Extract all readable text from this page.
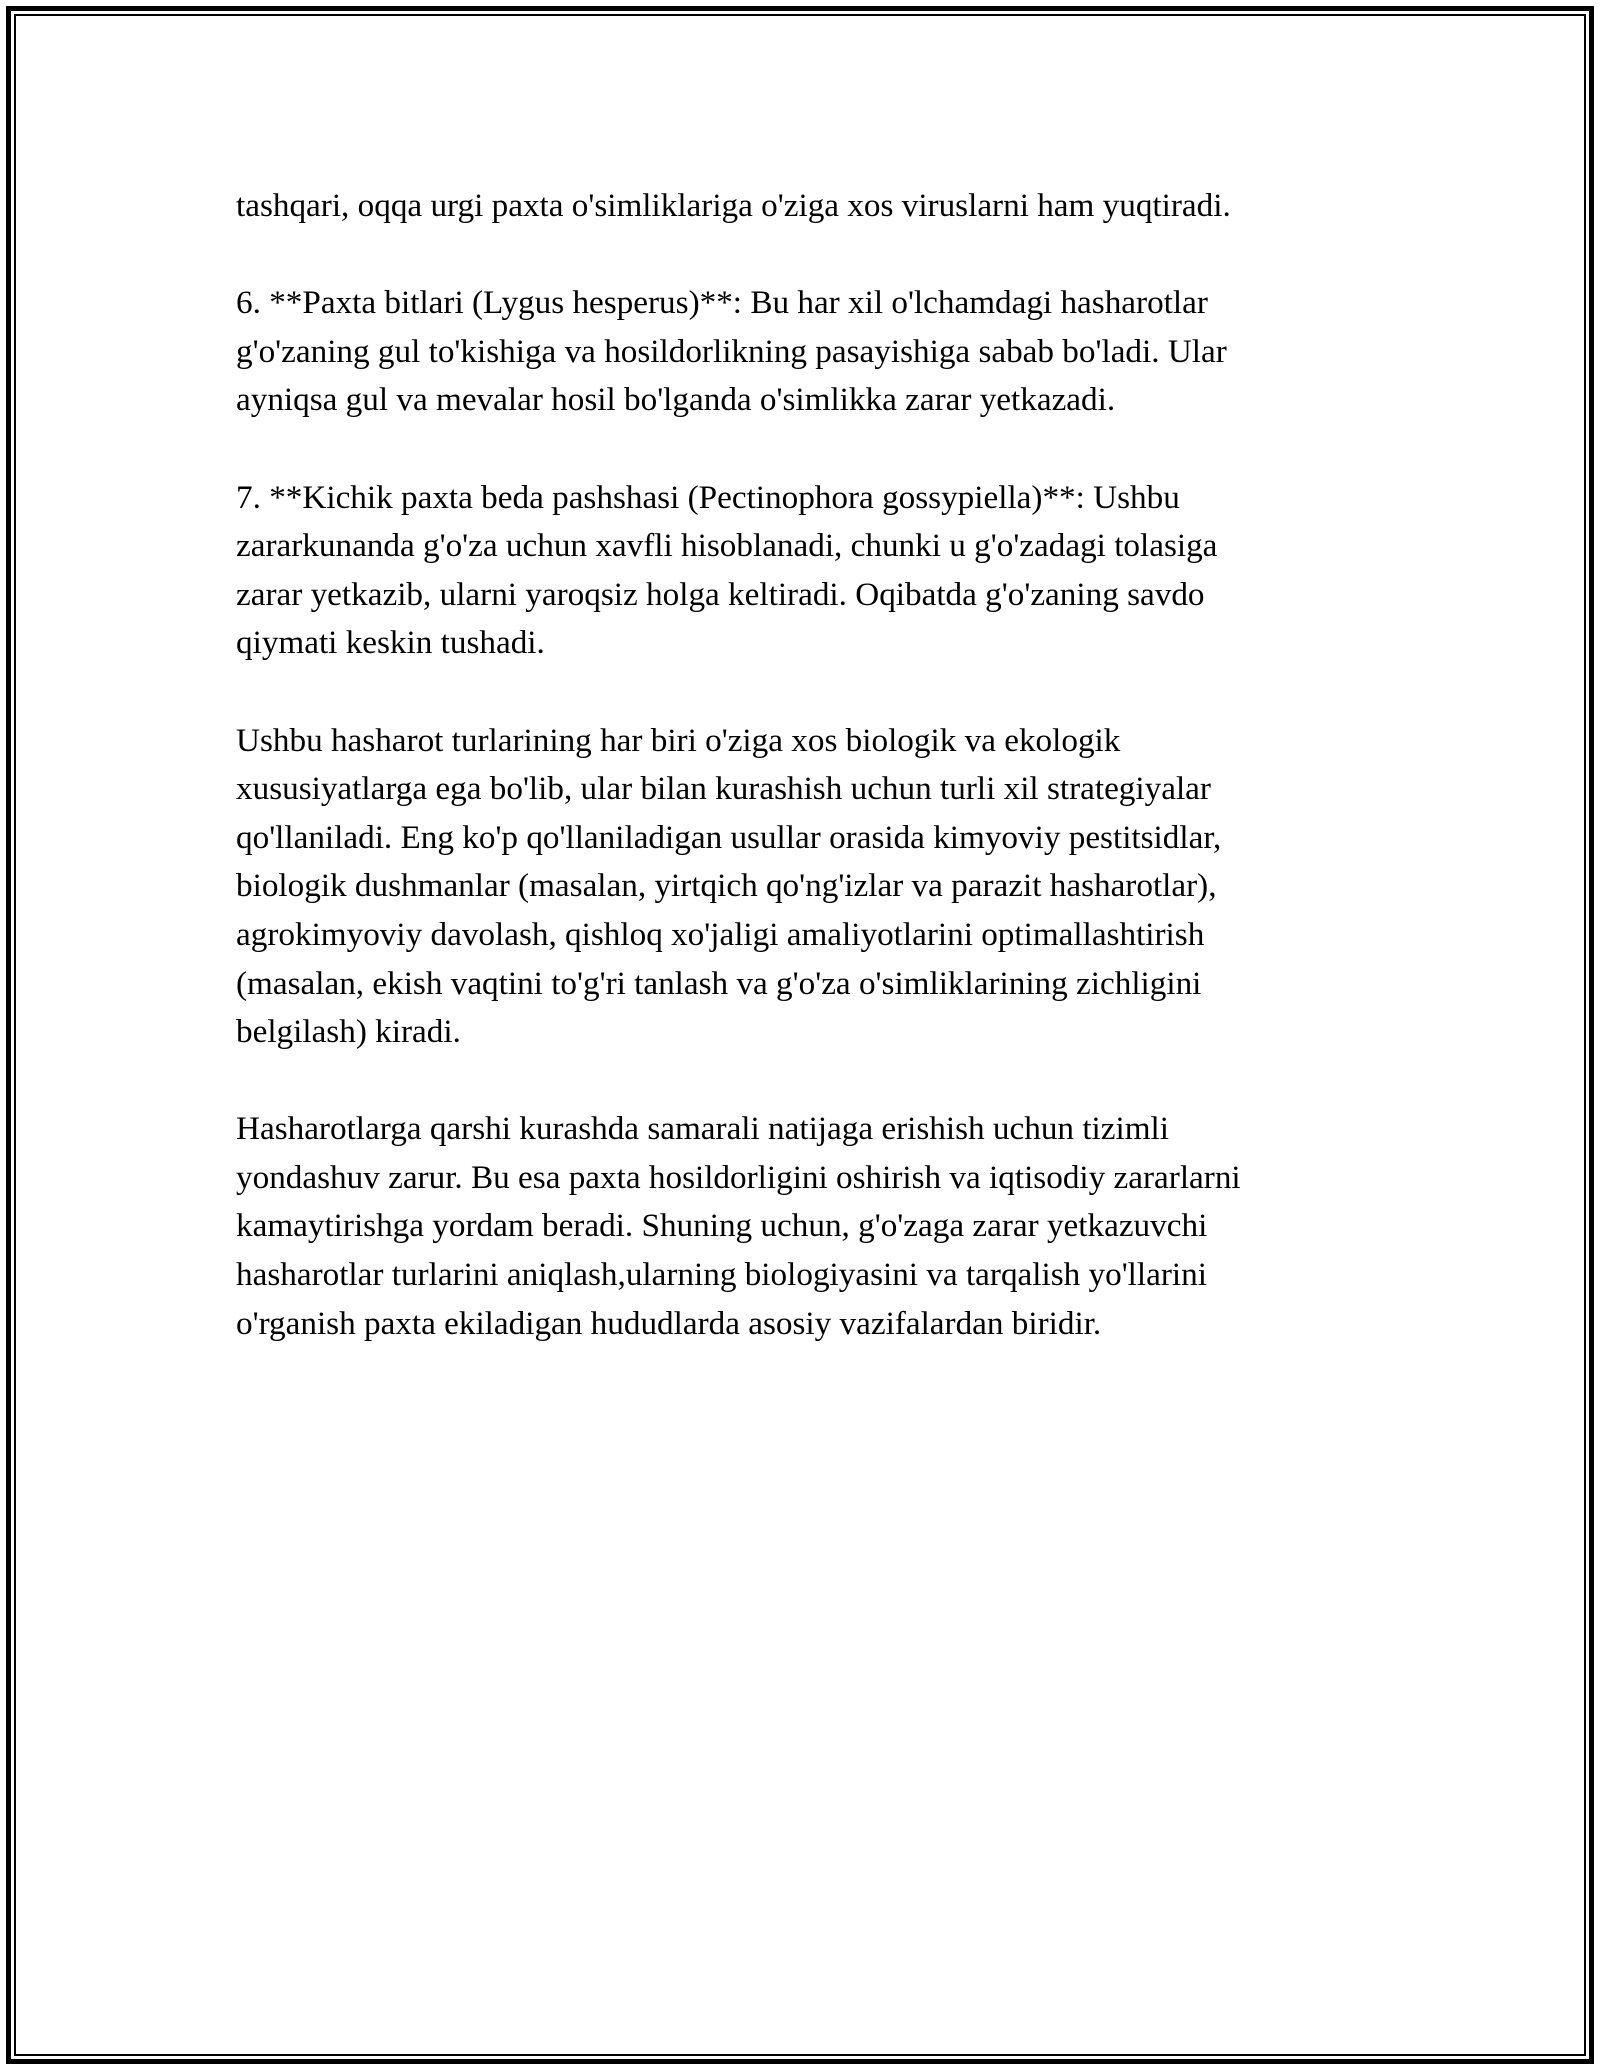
tashqari, oqqa urgi paxta o'simliklariga o'ziga xos viruslarni ham yuqtiradi.

6. **Paxta bitlari (Lygus hesperus)**: Bu har xil o'lchamdagi hasharotlar
g'o'zaning gul to'kishiga va hosildorlikning pasayishiga sabab bo'ladi. Ular
ayniqsa gul va mevalar hosil bo'lganda o'simlikka zarar yetkazadi.

7. **Kichik paxta beda pashshasi (Pectinophora gossypiella)**: Ushbu
zararkunanda g'o'za uchun xavfli hisoblanadi, chunki u g'o'zadagi tolasiga
zarar yetkazib, ularni yaroqsiz holga keltiradi. Oqibatda g'o'zaning savdo
qiymati keskin tushadi.

Ushbu hasharot turlarining har biri o'ziga xos biologik va ekologik
xususiyatlarga ega bo'lib, ular bilan kurashish uchun turli xil strategiyalar
qo'llaniladi. Eng ko'p qo'llaniladigan usullar orasida kimyoviy pestitsidlar,
biologik dushmanlar (masalan, yirtqich qo'ng'izlar va parazit hasharotlar),
agrokimyoviy davolash, qishloq xo'jaligi amaliyotlarini optimallashtirish
(masalan, ekish vaqtini to'g'ri tanlash va g'o'za o'simliklarining zichligini
belgilash) kiradi.

Hasharotlarga qarshi kurashda samarali natijaga erishish uchun tizimli
yondashuv zarur. Bu esa paxta hosildorligini oshirish va iqtisodiy zararlarni
kamaytirishga yordam beradi. Shuning uchun, g'o'zaga zarar yetkazuvchi
hasharotlar turlarini aniqlash,ularning biologiyasini va tarqalish yo'llarini
o'rganish paxta ekiladigan hududlarda asosiy vazifalardan biridir.
